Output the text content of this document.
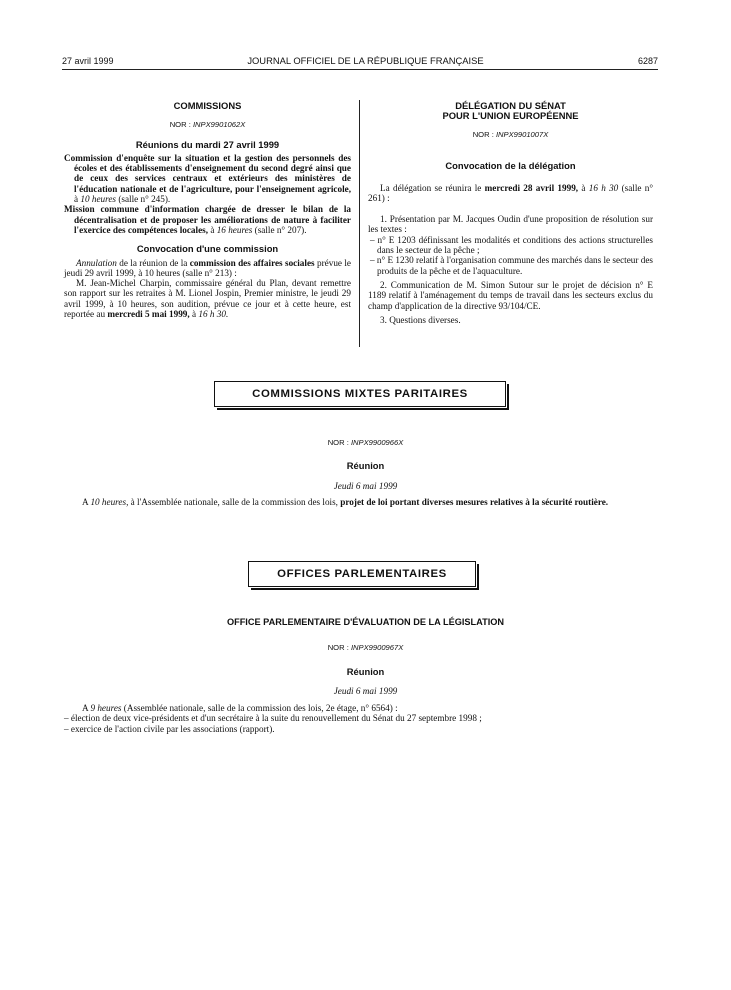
27 avril 1999	JOURNAL OFFICIEL DE LA RÉPUBLIQUE FRANÇAISE	6287

COMMISSIONS

NOR : INPX9901062X

Réunions du mardi 27 avril 1999

Commission d'enquête sur la situation et la gestion des personnels des écoles et des établissements d'enseignement du second degré ainsi que de ceux des services centraux et extérieurs des ministères de l'éducation nationale et de l'agriculture, pour l'enseignement agricole, à 10 heures (salle n° 245).

Mission commune d'information chargée de dresser le bilan de la décentralisation et de proposer les améliorations de nature à faciliter l'exercice des compétences locales, à 16 heures (salle n° 207).

Convocation d'une commission

Annulation de la réunion de la commission des affaires sociales prévue le jeudi 29 avril 1999, à 10 heures (salle n° 213) :

M. Jean-Michel Charpin, commissaire général du Plan, devant remettre son rapport sur les retraites à M. Lionel Jospin, Premier ministre, le jeudi 29 avril 1999, à 10 heures, son audition, prévue ce jour et à cette heure, est reportée au mercredi 5 mai 1999, à 16 h 30.

DÉLÉGATION DU SÉNAT

POUR L'UNION EUROPÉENNE

NOR : INPX9901007X

Convocation de la délégation

La délégation se réunira le mercredi 28 avril 1999, à 16 h 30 (salle n° 261) :

1. Présentation par M. Jacques Oudin d'une proposition de résolution sur les textes :

– n° E 1203 définissant les modalités et conditions des actions structurelles dans le secteur de la pêche ;

– n° E 1230 relatif à l'organisation commune des marchés dans le secteur des produits de la pêche et de l'aquaculture.

2. Communication de M. Simon Sutour sur le projet de décision n° E 1189 relatif à l'aménagement du temps de travail dans les secteurs exclus du champ d'application de la directive 93/104/CE.

3. Questions diverses.

COMMISSIONS MIXTES PARITAIRES
NOR : INPX9900966X
Réunion
Jeudi 6 mai 1999
A 10 heures, à l'Assemblée nationale, salle de la commission des lois, projet de loi portant diverses mesures relatives à la sécurité routière.
OFFICES PARLEMENTAIRES
OFFICE PARLEMENTAIRE D'ÉVALUATION DE LA LÉGISLATION
NOR : INPX9900967X
Réunion
Jeudi 6 mai 1999

A 9 heures (Assemblée nationale, salle de la commission des lois, 2e étage, n° 6564) :

– élection de deux vice-présidents et d'un secrétaire à la suite du renouvellement du Sénat du 27 septembre 1998 ;

– exercice de l'action civile par les associations (rapport).
